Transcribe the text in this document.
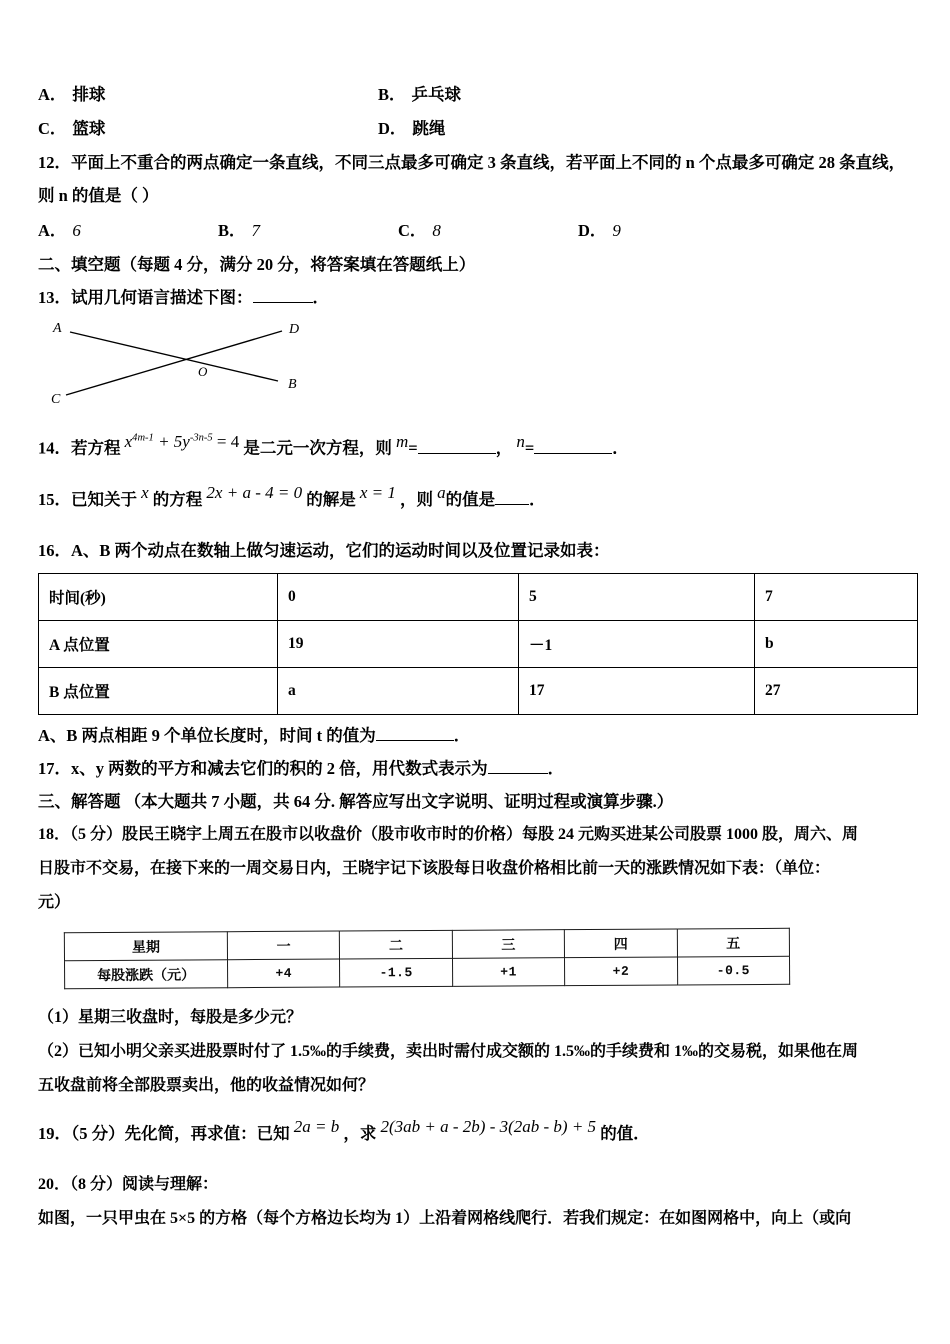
A． 排球	B． 乒乓球
C． 篮球	D． 跳绳
12．平面上不重合的两点确定一条直线，不同三点最多可确定 3 条直线，若平面上不同的 n 个点最多可确定 28 条直线，
则 n 的值是（ ）
A． 6	B． 7	C． 8	D． 9
二、填空题（每题 4 分，满分 20 分，将答案填在答题纸上）
13．试用几何语言描述下图：	．
A
B
C
D
O
14．若方程 $x^{4m-1} + 5y^{-3n-5} = 4$ 是二元一次方程，则 m=	， n=	．
15．已知关于 x 的方程 2x + a - 4 = 0 的解是 x = 1 ，则 a的值是 ．
16．A、B 两个动点在数轴上做匀速运动，它们的运动时间以及位置记录如表：
时间(秒)	0	5	7
A 点位置	19	－1	b
B 点位置	a	17	27
A、B 两点相距 9 个单位长度时，时间 t 的值为	．
17．x、y 两数的平方和减去它们的积的 2 倍，用代数式表示为	．
三、解答题 （本大题共 7 小题，共 64 分. 解答应写出文字说明、证明过程或演算步骤.）
18．（5 分）股民王晓宇上周五在股市以收盘价（股市收市时的价格）每股 24 元购买进某公司股票 1000 股，周六、周
日股市不交易，在接下来的一周交易日内，王晓宇记下该股每日收盘价格相比前一天的涨跌情况如下表：（单位：
元）
星期	一	二	三	四	五
每股涨跌（元）	+4	-1.5	+1	+2	-0.5
（1）星期三收盘时，每股是多少元？
（2）已知小明父亲买进股票时付了 1.5‰的手续费，卖出时需付成交额的 1.5‰的手续费和 1‰的交易税，如果他在周
五收盘前将全部股票卖出，他的收益情况如何？
19．（5 分）先化简，再求值：已知 2a = b ，求 2(3ab + a - 2b) - 3(2ab - b) + 5 的值．
20．（8 分）阅读与理解：
如图，一只甲虫在 5×5 的方格（每个方格边长均为 1）上沿着网格线爬行．若我们规定：在如图网格中，向上（或向
